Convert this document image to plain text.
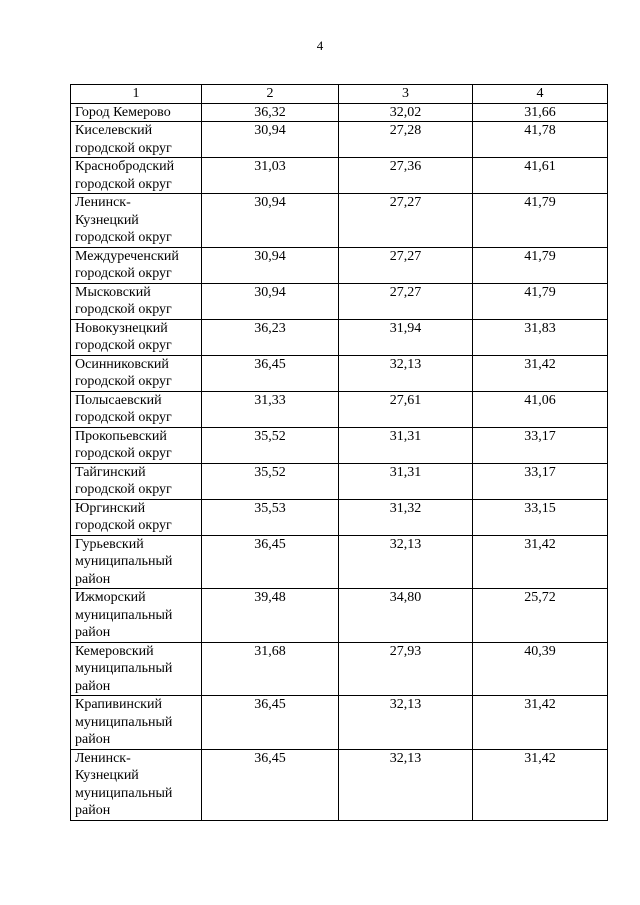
4
1	2	3	4

Город Кемерово	36,32	32,02	31,66

Киселевский
городской округ	30,94	27,28	41,78

Краснобродский
городской округ	31,03	27,36	41,61

Ленинск-
Кузнецкий
городской округ	30,94	27,27	41,79

Междуреченский
городской округ	30,94	27,27	41,79

Мысковский
городской округ	30,94	27,27	41,79

Новокузнецкий
городской округ	36,23	31,94	31,83

Осинниковский
городской округ	36,45	32,13	31,42

Полысаевский
городской округ	31,33	27,61	41,06

Прокопьевский
городской округ	35,52	31,31	33,17

Тайгинский
городской округ	35,52	31,31	33,17

Юргинский
городской округ	35,53	31,32	33,15

Гурьевский
муниципальный
район	36,45	32,13	31,42

Ижморский
муниципальный
район	39,48	34,80	25,72

Кемеровский
муниципальный
район	31,68	27,93	40,39

Крапивинский
муниципальный
район	36,45	32,13	31,42

Ленинск-
Кузнецкий
муниципальный
район	36,45	32,13	31,42
